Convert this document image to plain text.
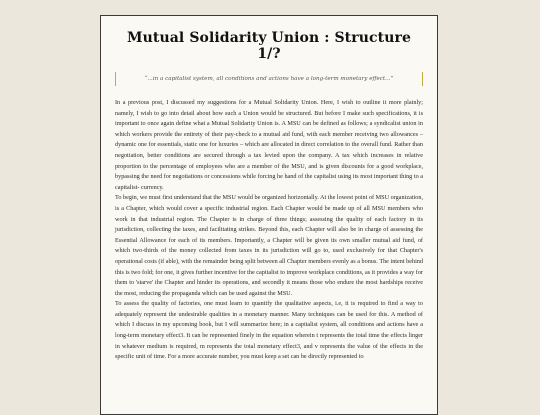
Mutual Solidarity Union : Structure 1/?
“...in a capitalist system, all conditions and actions have a long-term monetary effect...”

In a previous post, I discussed my suggestions for a Mutual Solidarity Union. Here, I wish to outline it more plainly; namely, I wish to go into detail about how such a Union would be structured. But before I make such specifications, it is important to once again define what a Mutual Solidarity Union is. A MSU can be defined as follows; a syndicalist union in which workers provide the entirety of their pay-check to a mutual aid fund, with each member receiving two allowances – dynamic one for essentials, static one for luxuries – which are allocated in direct correlation to the overall fund. Rather than negotiation, better conditions are secured through a tax levied upon the company. A tax which increases in relative proportion to the percentage of employees who are a member of the MSU, and is given discounts for a good workplace, bypassing the need for negotiations or concessions while forcing he hand of the capitalist using its most important thing to a capitalist- currency.

To begin, we must first understand that the MSU would be organized horizontally. At the lowest point of MSU organization, is a Chapter, which would cover a specific industrial region. Each Chapter would be made up of all MSU members who work in that industrial region. The Chapter is in charge of three things; assessing the quality of each factory in its jurisdiction, collecting the taxes, and facilitating strikes. Beyond this, each Chapter will also be in charge of assessing the Essential Allowance for each of its members. Importantly, a Chapter will be given its own smaller mutual aid fund, of which two-thirds of the money collected from taxes in its jurisdiction will go to, used exclusively for that Chapter's operational costs (if able), with the remainder being split between all Chapter members evenly as a bonus. The intent behind this is two fold; for one, it gives further incentive for the capitalist to improve workplace conditions, as it provides a way for them to 'starve' the Chapter and hinder its operations, and secondly it means those who endure the most hardships receive the most, reducing the propaganda which can be used against the MSU.

To assess the quality of factories, one must learn to quantify the qualitative aspects, i.e, it is required to find a way to adequately represent the undesirable qualities in a monetary manner. Many techniques can be used for this. A method of which I discuss in my upcoming book, but I will summarize here; in a capitalist system, all conditions and actions have a long-term monetary effect3. It can be represented finely in the equation wherein t represents the total time the effects linger in whatever medium is required, m represents the total monetary effect3, and v represents the value of the effects in the specific unit of time. For a more accurate number, you must keep a set can be directly represented to
